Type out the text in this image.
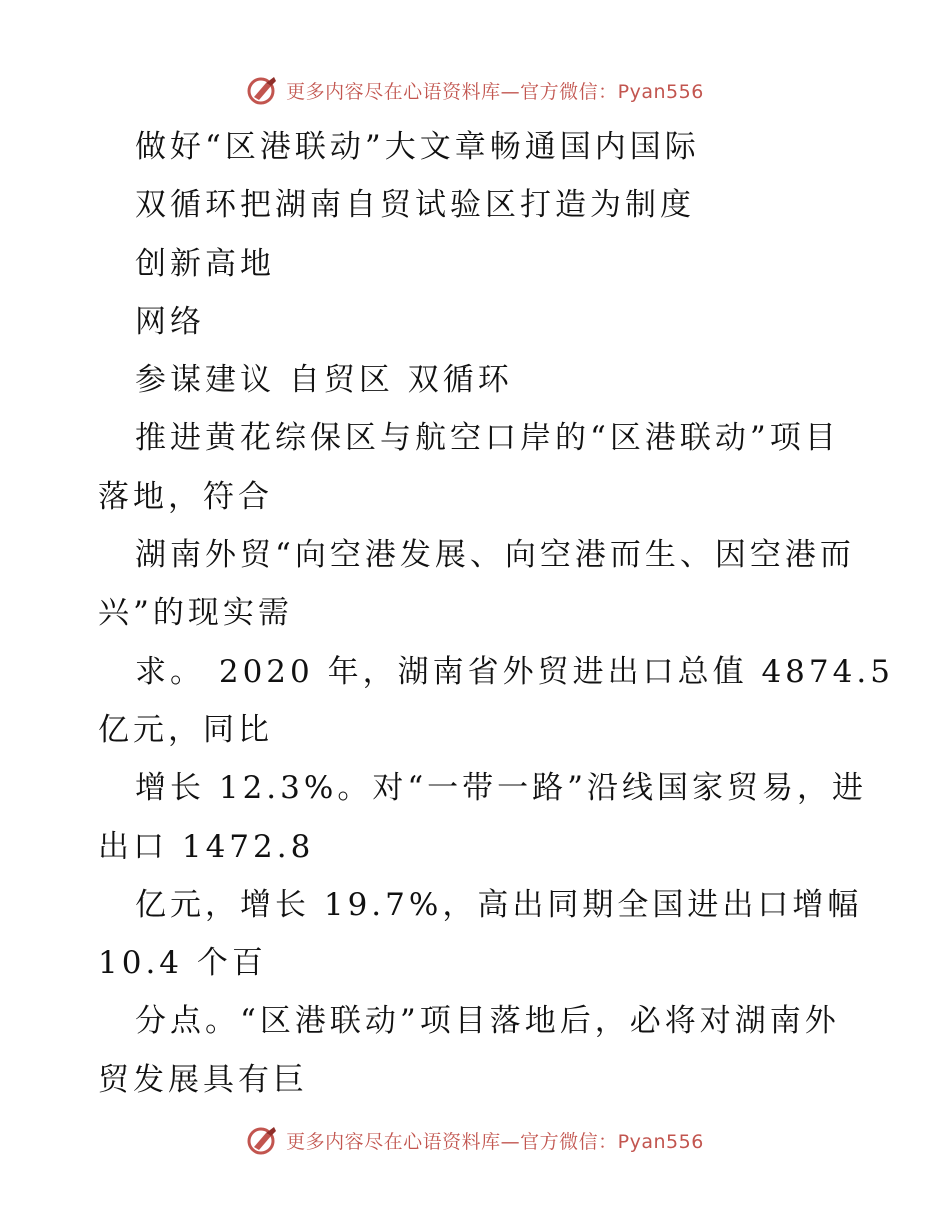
更多内容尽在心语资料库—官方微信：Pyan556
做好“区港联动”大文章畅通国内国际
双循环把湖南自贸试验区打造为制度
创新高地
网络
参谋建议 自贸区 双循环
推进黄花综保区与航空口岸的“区港联动”项目
落地，符合
湖南外贸“向空港发展、向空港而生、因空港而
兴”的现实需
求。 2020 年，湖南省外贸进出口总值 4874.5
亿元，同比
增长 12.3%。对“一带一路”沿线国家贸易，进
出口 1472.8
亿元，增长 19.7%，高出同期全国进出口增幅
10.4 个百
分点。“区港联动”项目落地后，必将对湖南外
贸发展具有巨
更多内容尽在心语资料库—官方微信：Pyan556
